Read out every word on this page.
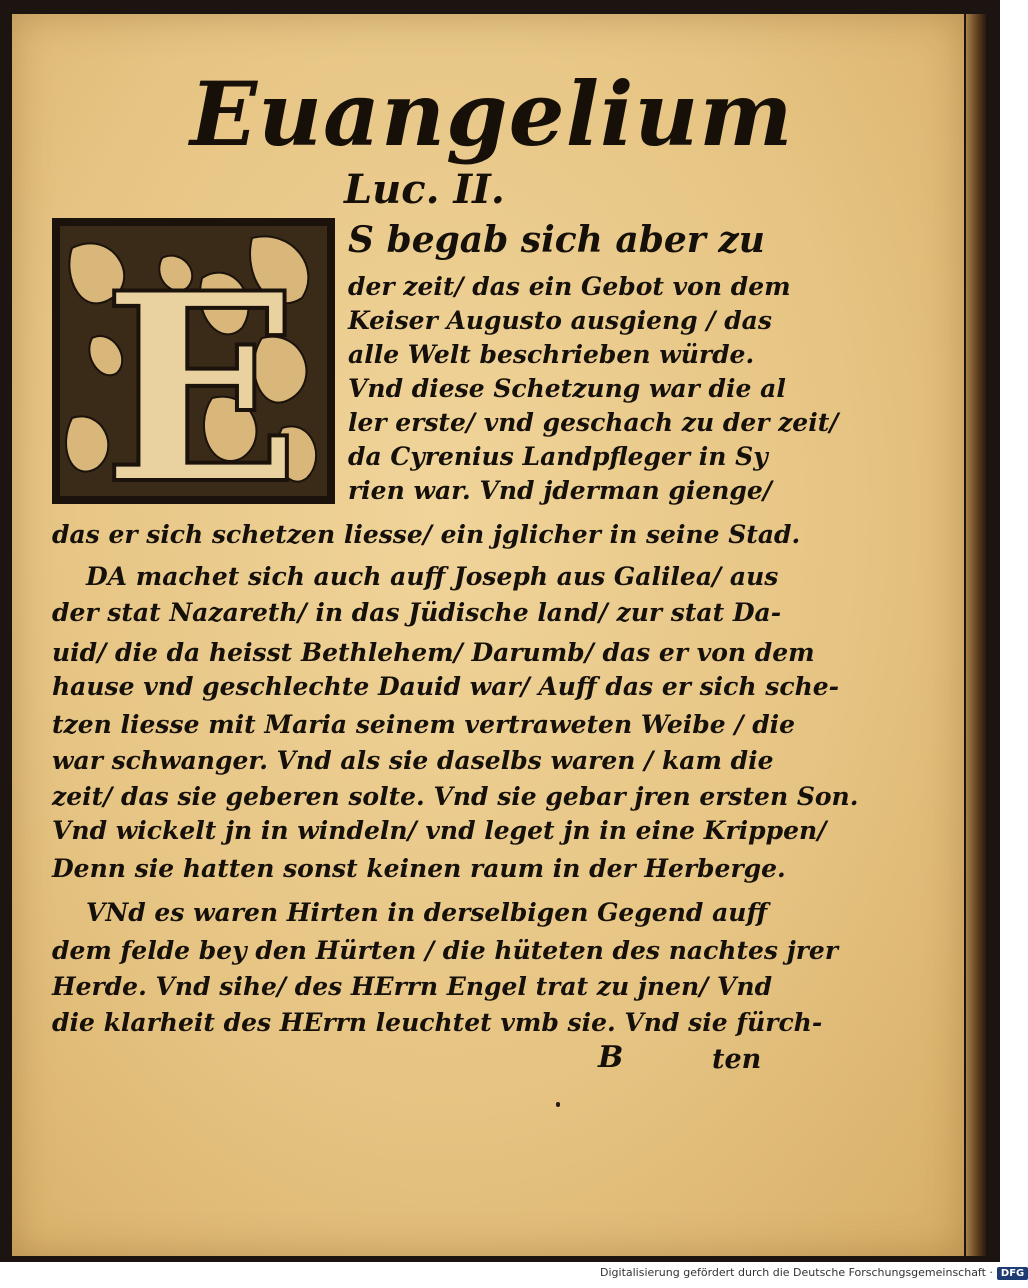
Euangelium
Luc. II.
E S begab sich aber zu
der zeit/ das ein Gebot von dem
Keiser Augusto ausgieng / das
alle Welt beschrieben würde.
Vnd diese Schetzung war die al
ler erste/ vnd geschach zu der zeit/
da Cyrenius Landpfleger in Sy
rien war. Vnd jderman gienge/
das er sich schetzen liesse/ ein jglicher in seine Stad.
DA machet sich auch auff Joseph aus Galilea/ aus
der stat Nazareth/ in das Jüdische land/ zur stat Da-
uid/ die da heisst Bethlehem/ Darumb/ das er von dem
hause vnd geschlechte Dauid war/ Auff das er sich sche-
tzen liesse mit Maria seinem vertraweten Weibe / die
war schwanger. Vnd als sie daselbs waren / kam die
zeit/ das sie geberen solte. Vnd sie gebar jren ersten Son.
Vnd wickelt jn in windeln/ vnd leget jn in eine Krippen/
Denn sie hatten sonst keinen raum in der Herberge.
VNd es waren Hirten in derselbigen Gegend auff
dem felde bey den Hürten / die hüteten des nachtes jrer
Herde. Vnd sihe/ des HErrn Engel trat zu jnen/ Vnd
die klarheit des HErrn leuchtet vmb sie. Vnd sie fürch-
B	ten
Digitalisierung gefördert durch die Deutsche Forschungsgemeinschaft · DFG
